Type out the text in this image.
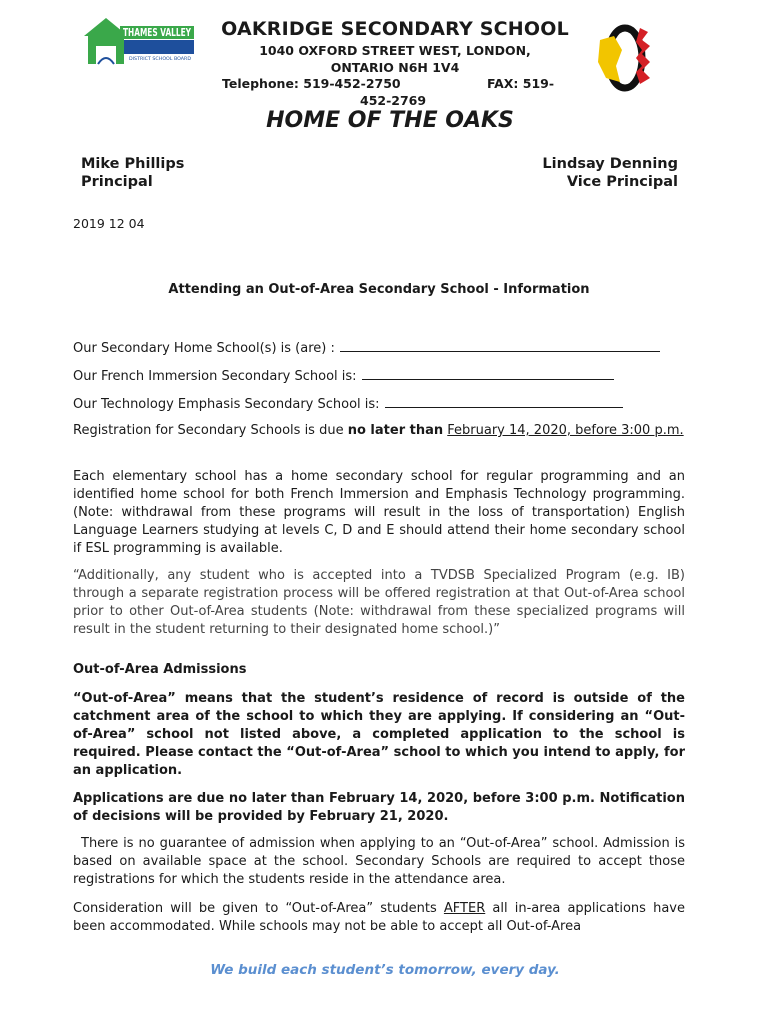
THAMES VALLEY
DISTRICT SCHOOL BOARD
OAKRIDGE SECONDARY SCHOOL
1040 OXFORD STREET WEST, LONDON,
ONTARIO N6H 1V4
Telephone: 519-452-2750	FAX: 519-
452-2769
HOME OF THE OAKS
Mike Phillips
Principal
Lindsay Denning
Vice Principal
2019 12 04
Attending an Out-of-Area Secondary School - Information
Our Secondary Home School(s) is (are) :
Our French Immersion Secondary School is:
Our Technology Emphasis Secondary School is:
Registration for Secondary Schools is due no later than February 14, 2020, before 3:00 p.m.
Each elementary school has a home secondary school for regular programming and an identified home school for both French Immersion and Emphasis Technology programming. (Note: withdrawal from these programs will result in the loss of transportation) English Language Learners studying at levels C, D and E should attend their home secondary school if ESL programming is available.
“Additionally, any student who is accepted into a TVDSB Specialized Program (e.g. IB) through a separate registration process will be offered registration at that Out-of-Area school prior to other Out-of-Area students (Note: withdrawal from these specialized programs will result in the student returning to their designated home school.)”
Out-of-Area Admissions
“Out-of-Area” means that the student’s residence of record is outside of the catchment area of the school to which they are applying. If considering an “Out-of-Area” school not listed above, a completed application to the school is required. Please contact the “Out-of-Area” school to which you intend to apply, for an application.
Applications are due no later than February 14, 2020, before 3:00 p.m. Notification of decisions will be provided by February 21, 2020.
There is no guarantee of admission when applying to an “Out-of-Area” school. Admission is based on available space at the school. Secondary Schools are required to accept those registrations for which the students reside in the attendance area.
Consideration will be given to “Out-of-Area” students AFTER all in-area applications have been accommodated. While schools may not be able to accept all Out-of-Area
We build each student’s tomorrow, every day.
